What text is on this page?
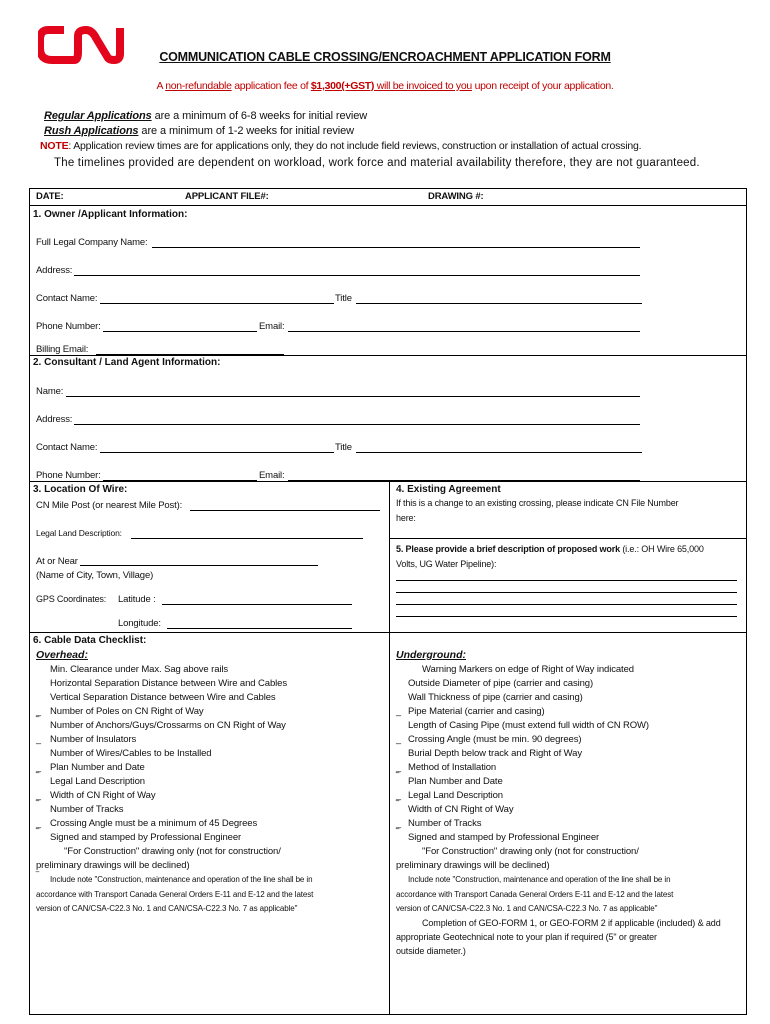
COMMUNICATION CABLE CROSSING/ENCROACHMENT APPLICATION FORM
A non-refundable application fee of $1,300(+GST) will be invoiced to you upon receipt of your application.
Regular Applications are a minimum of 6-8 weeks for initial review
Rush Applications are a minimum of 1-2 weeks for initial review
NOTE: Application review times are for applications only, they do not include field reviews, construction or installation of actual crossing.
The timelines provided are dependent on workload, work force and material availability therefore, they are not guaranteed.
DATE:	APPLICANT FILE#:	DRAWING #:
1. Owner /Applicant Information:
Full Legal Company Name:
Address:
Contact Name:	Title
Phone Number:	Email:
Billing Email:
2. Consultant / Land Agent Information:
Name:
Address:
Contact Name:	Title
Phone Number:	Email:
3. Location Of Wire:
CN Mile Post (or nearest Mile Post):
Legal Land Description:
At or Near
(Name of City, Town, Village)
GPS Coordinates: Latitude :
Longitude:
4. Existing Agreement
If this is a change to an existing crossing, please indicate CN File Number
here:
5. Please provide a brief description of proposed work (i.e.: OH Wire 65,000
Volts, UG Water Pipeline):
6. Cable Data Checklist:
Overhead:	Underground:
Min. Clearance under Max. Sag above rails
Horizontal Separation Distance between Wire and Cables
Vertical Separation Distance between Wire and Cables
_ Number of Poles on CN Right of Way
‾ Number of Anchors/Guys/Crossarms on CN Right of Way
_ Number of Insulators
Number of Wires/Cables to be Installed
_ Plan Number and Date
‾ Legal Land Description
_ Width of CN Right of Way
‾ Number of Tracks
_ Crossing Angle must be a minimum of 45 Degrees
‾ Signed and stamped by Professional Engineer
"For Construction" drawing only (not for construction/
preliminary drawings will be declined)
‾ Include note "Construction, maintenance and operation of the line shall be in
accordance with Transport Canada General Orders E-11 and E-12 and the latest
version of CAN/CSA-C22.3 No. 1 and CAN/CSA-C22.3 No. 7 as applicable"
Warning Markers on edge of Right of Way indicated
Outside Diameter of pipe (carrier and casing)
Wall Thickness of pipe (carrier and casing)
_ Pipe Material (carrier and casing)
Length of Casing Pipe (must extend full width of CN ROW)
_ Crossing Angle (must be min. 90 degrees)
Burial Depth below track and Right of Way
_ Method of Installation
‾ Plan Number and Date
_ Legal Land Description
‾ Width of CN Right of Way
_ Number of Tracks
‾ Signed and stamped by Professional Engineer
"For Construction" drawing only (not for construction/
preliminary drawings will be declined)
Include note "Construction, maintenance and operation of the line shall be in
accordance with Transport Canada General Orders E-11 and E-12 and the latest
version of CAN/CSA-C22.3 No. 1 and CAN/CSA-C22.3 No. 7 as applicable"
Completion of GEO-FORM 1, or GEO-FORM 2 if applicable (included) & add
appropriate Geotechnical note to your plan if required (5" or greater
outside diameter.)
